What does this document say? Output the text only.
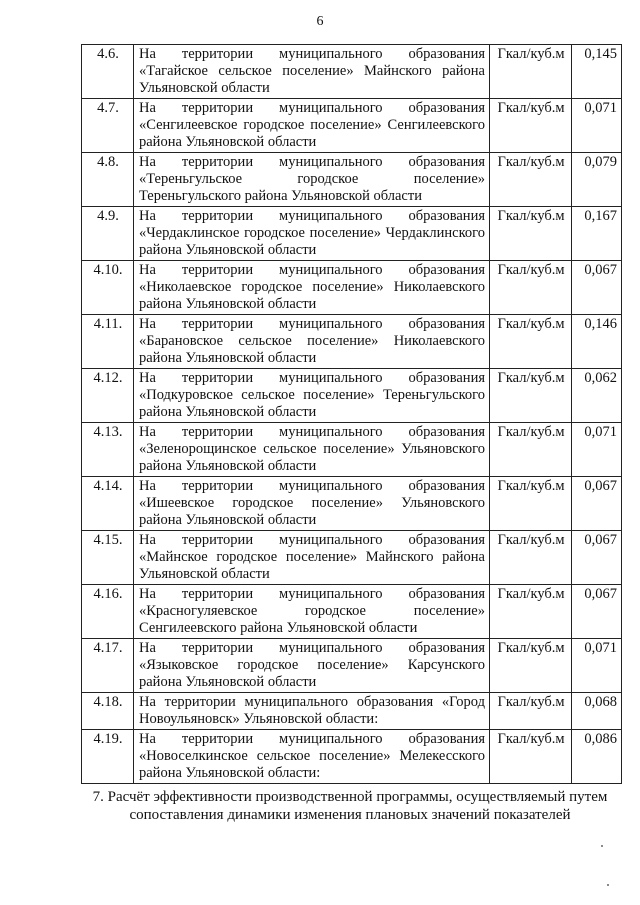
6
4.6.	На территории муниципального образования «Тагайское сельское поселение» Майнского района Ульяновской области	Гкал/куб.м	0,145
4.7.	На территории муниципального образования «Сенгилеевское городское поселение» Сенгилеевского района Ульяновской области	Гкал/куб.м	0,071
4.8.	На территории муниципального образования «Тереньгульское городское поселение» Тереньгульского района Ульяновской области	Гкал/куб.м	0,079
4.9.	На территории муниципального образования «Чердаклинское городское поселение» Чердаклинского района Ульяновской области	Гкал/куб.м	0,167
4.10.	На территории муниципального образования «Николаевское городское поселение» Николаевского района Ульяновской области	Гкал/куб.м	0,067
4.11.	На территории муниципального образования «Барановское сельское поселение» Николаевского района Ульяновской области	Гкал/куб.м	0,146
4.12.	На территории муниципального образования «Подкуровское сельское поселение» Тереньгульского района Ульяновской области	Гкал/куб.м	0,062
4.13.	На территории муниципального образования «Зеленорощинское сельское поселение» Ульяновского района Ульяновской области	Гкал/куб.м	0,071
4.14.	На территории муниципального образования «Ишеевское городское поселение» Ульяновского района Ульяновской области	Гкал/куб.м	0,067
4.15.	На территории муниципального образования «Майнское городское поселение» Майнского района Ульяновской области	Гкал/куб.м	0,067
4.16.	На территории муниципального образования «Красногуляевское городское поселение» Сенгилеевского района Ульяновской области	Гкал/куб.м	0,067
4.17.	На территории муниципального образования «Языковское городское поселение» Карсунского района Ульяновской области	Гкал/куб.м	0,071
4.18.	На территории муниципального образования «Город Новоульяновск» Ульяновской области:	Гкал/куб.м	0,068
4.19.	На территории муниципального образования «Новоселкинское сельское поселение» Мелекесского района Ульяновской области:	Гкал/куб.м	0,086
7. Расчёт эффективности производственной программы, осуществляемый путем
сопоставления динамики изменения плановых значений показателей
